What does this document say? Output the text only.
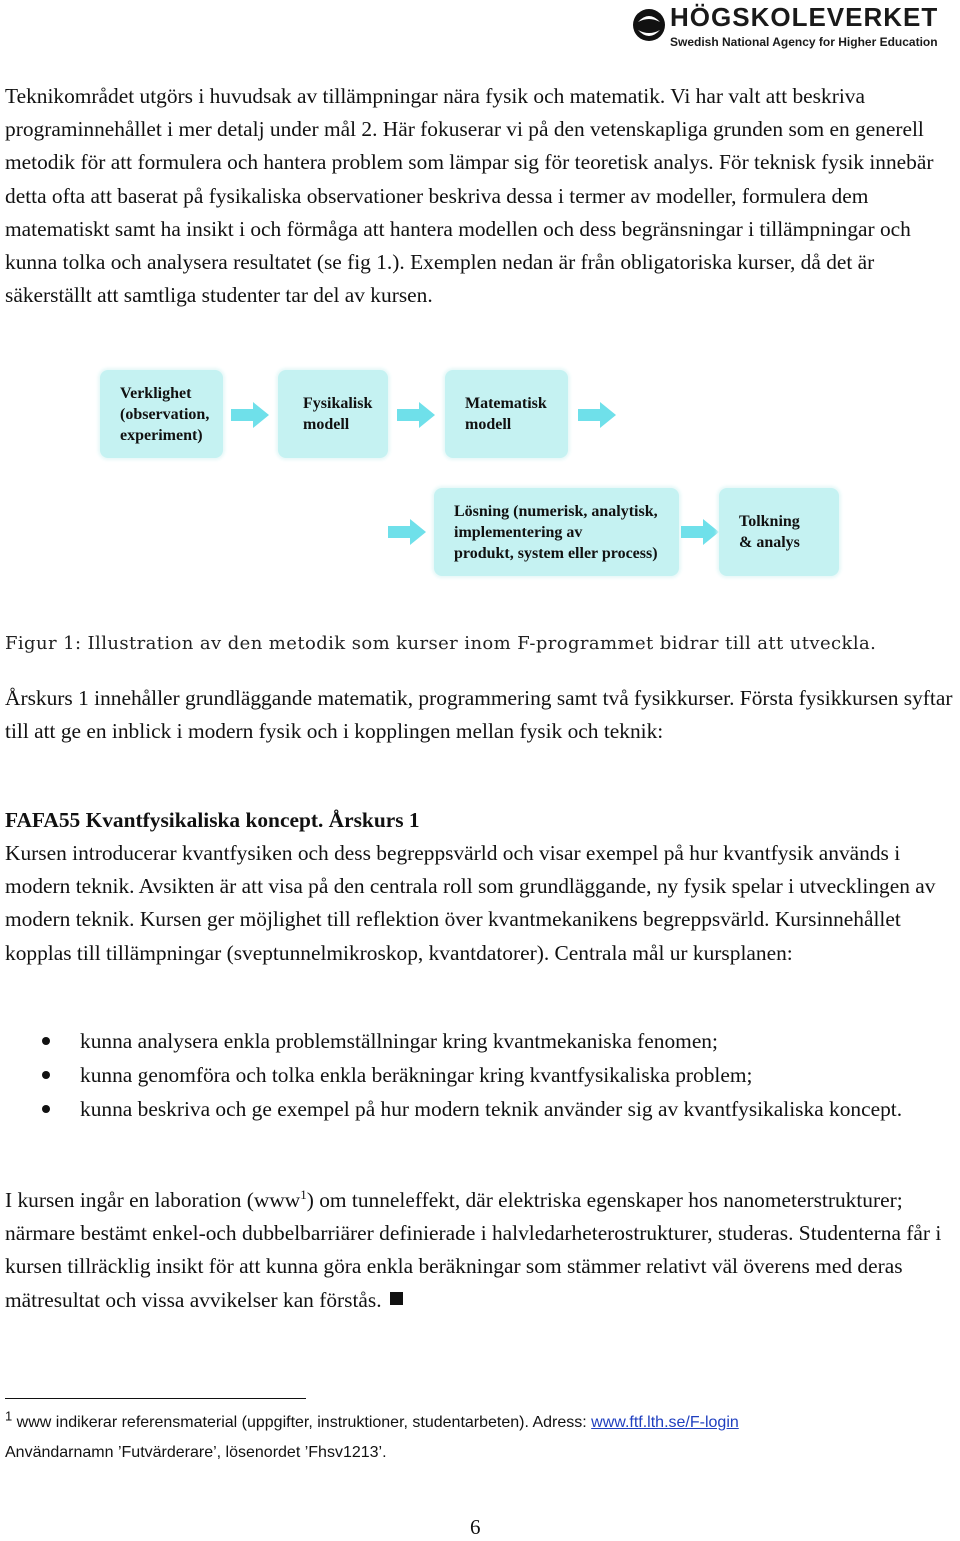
HÖGSKOLEVERKET
Swedish National Agency for Higher Education

Teknikområdet utgörs i huvudsak av tillämpningar nära fysik och matematik. Vi har valt att beskriva programinnehållet i mer detalj under mål 2. Här fokuserar vi på den vetenskapliga grunden som en generell metodik för att formulera och hantera problem som lämpar sig för teoretisk analys. För teknisk fysik innebär detta ofta att baserat på fysikaliska observationer beskriva dessa i termer av modeller, formulera dem matematiskt samt ha insikt i och förmåga att hantera modellen och dess begränsningar i tillämpningar och kunna tolka och analysera resultatet (se fig 1.). Exemplen nedan är från obligatoriska kurser, då det är säkerställt att samtliga studenter tar del av kursen.

Verklighet
(observation,
experiment)
Fysikalisk
modell
Matematisk
modell
Lösning (numerisk, analytisk,
implementering av
produkt, system eller process)
Tolkning
& analys
Figur 1: Illustration av den metodik som kurser inom F-programmet bidrar till att utveckla.

Årskurs 1 innehåller grundläggande matematik, programmering samt två fysikkurser. Första fysikkursen syftar till att ge en inblick i modern fysik och i kopplingen mellan fysik och teknik:

FAFA55 Kvantfysikaliska koncept. Årskurs 1

Kursen introducerar kvantfysiken och dess begreppsvärld och visar exempel på hur kvantfysik används i modern teknik. Avsikten är att visa på den centrala roll som grundläggande, ny fysik spelar i utvecklingen av modern teknik. Kursen ger möjlighet till reflektion över kvantmekanikens begreppsvärld. Kursinnehållet kopplas till tillämpningar (sveptunnelmikroskop, kvantdatorer). Centrala mål ur kursplanen:

kunna analysera enkla problemställningar kring kvantmekaniska fenomen;
kunna genomföra och tolka enkla beräkningar kring kvantfysikaliska problem;
kunna beskriva och ge exempel på hur modern teknik använder sig av kvantfysikaliska koncept.

I kursen ingår en laboration (www$^1$) om tunneleffekt, där elektriska egenskaper hos nanometerstrukturer; närmare bestämt enkel-och dubbelbarriärer definierade i halvledarheterostrukturer, studeras. Studenterna får i kursen tillräcklig insikt för att kunna göra enkla beräkningar som stämmer relativt väl överens med deras mätresultat och vissa avvikelser kan förstås.

$^1$ www indikerar referensmaterial (uppgifter, instruktioner, studentarbeten). Adress: www.ftf.lth.se/F-login
Användarnamn ’Futvärderare’, lösenordet ’Fhsv1213’.
6
